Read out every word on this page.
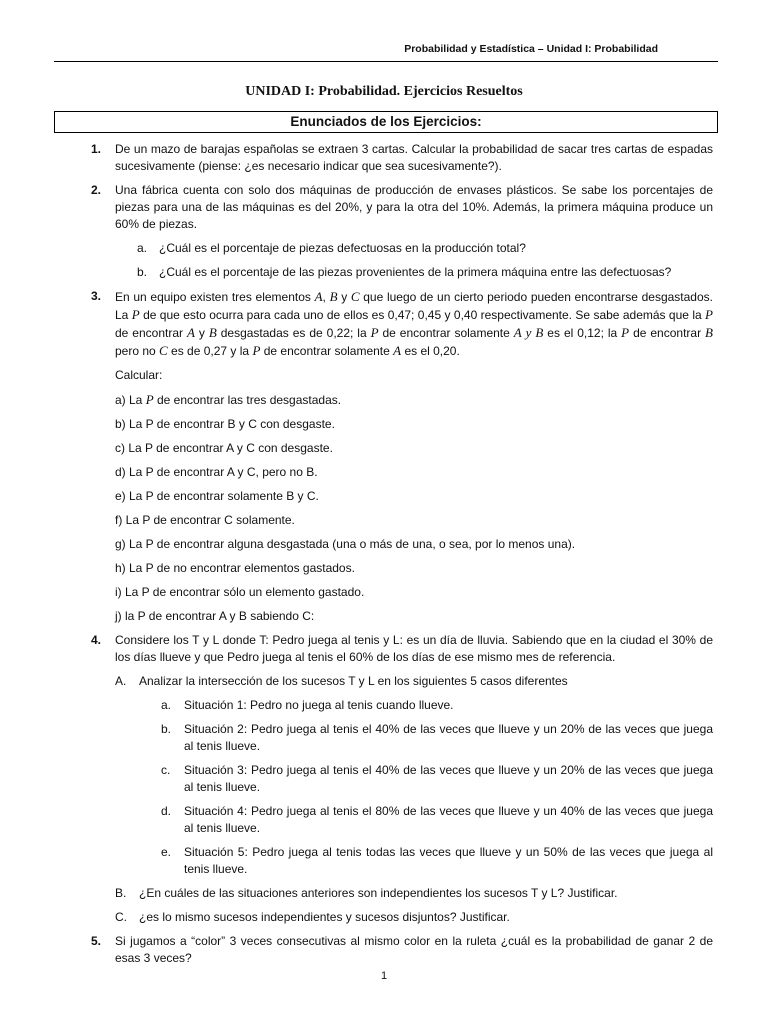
Probabilidad y Estadística – Unidad I: Probabilidad
UNIDAD I: Probabilidad. Ejercicios Resueltos
Enunciados de los Ejercicios:
1. De un mazo de barajas españolas se extraen 3 cartas. Calcular la probabilidad de sacar tres cartas de espadas sucesivamente (piense: ¿es necesario indicar que sea sucesivamente?).
2. Una fábrica cuenta con solo dos máquinas de producción de envases plásticos. Se sabe los porcentajes de piezas para una de las máquinas es del 20%, y para la otra del 10%. Además, la primera máquina produce un 60% de piezas.
a. ¿Cuál es el porcentaje de piezas defectuosas en la producción total?
b. ¿Cuál es el porcentaje de las piezas provenientes de la primera máquina entre las defectuosas?
3. En un equipo existen tres elementos A, B y C que luego de un cierto periodo pueden encontrarse desgastados. La P de que esto ocurra para cada uno de ellos es 0,47; 0,45 y 0,40 respectivamente. Se sabe además que la P de encontrar A y B desgastadas es de 0,22; la P de encontrar solamente A y B es el 0,12; la P de encontrar B pero no C es de 0,27 y la P de encontrar solamente A es el 0,20.
Calcular:
a) La P de encontrar las tres desgastadas.
b) La P de encontrar B y C con desgaste.
c) La P de encontrar A y C con desgaste.
d) La P de encontrar A y C, pero no B.
e) La P de encontrar solamente B y C.
f) La P de encontrar C solamente.
g) La P de encontrar alguna desgastada (una o más de una, o sea, por lo menos una).
h) La P de no encontrar elementos gastados.
i) La P de encontrar sólo un elemento gastado.
j) la P de encontrar A y B sabiendo C:
4. Considere los T y L donde T: Pedro juega al tenis y L: es un día de lluvia. Sabiendo que en la ciudad el 30% de los días llueve y que Pedro juega al tenis el 60% de los días de ese mismo mes de referencia.
A. Analizar la intersección de los sucesos T y L en los siguientes 5 casos diferentes
a. Situación 1: Pedro no juega al tenis cuando llueve.
b. Situación 2: Pedro juega al tenis el 40% de las veces que llueve y un 20% de las veces que juega al tenis llueve.
c. Situación 3: Pedro juega al tenis el 40% de las veces que llueve y un 20% de las veces que juega al tenis llueve.
d. Situación 4: Pedro juega al tenis el 80% de las veces que llueve y un 40% de las veces que juega al tenis llueve.
e. Situación 5: Pedro juega al tenis todas las veces que llueve y un 50% de las veces que juega al tenis llueve.
B. ¿En cuáles de las situaciones anteriores son independientes los sucesos T y L? Justificar.
C. ¿es lo mismo sucesos independientes y sucesos disjuntos? Justificar.
5. Si jugamos a “color” 3 veces consecutivas al mismo color en la ruleta ¿cuál es la probabilidad de ganar 2 de esas 3 veces?
1
